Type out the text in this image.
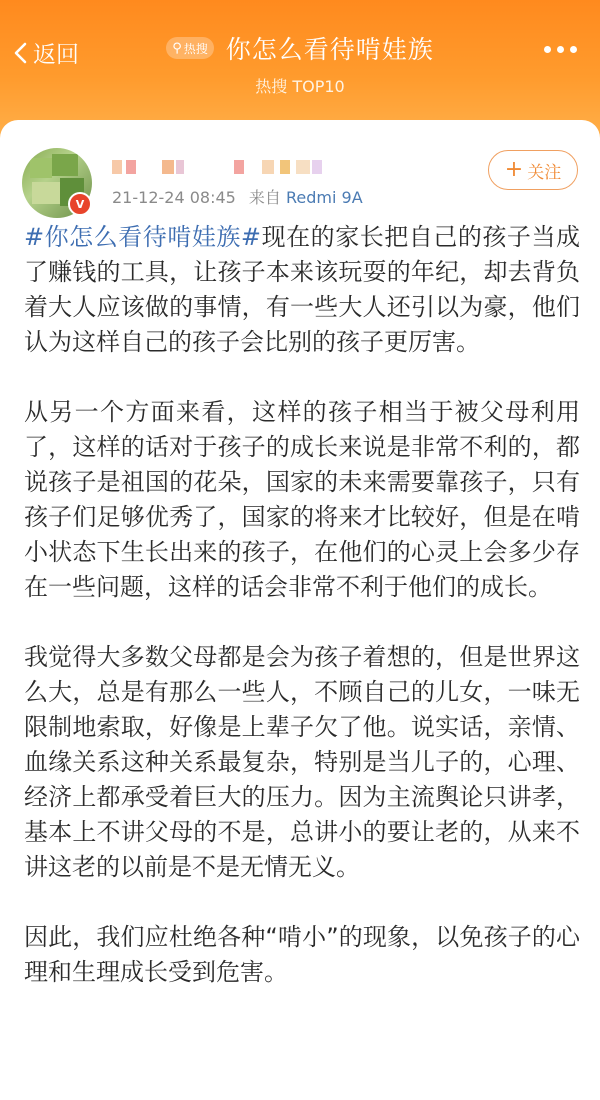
返回	⚲ 热搜 你怎么看待啃娃族
热搜 TOP10
V	21-12-24 08:45 来自 Redmi 9A
+ 关注

#你怎么看待啃娃族#现在的家长把自己的孩子当成了赚钱的工具，让孩子本来该玩耍的年纪，却去背负着大人应该做的事情，有一些大人还引以为豪，他们认为这样自己的孩子会比别的孩子更厉害。

从另一个方面来看，这样的孩子相当于被父母利用了，这样的话对于孩子的成长来说是非常不利的，都说孩子是祖国的花朵，国家的未来需要靠孩子，只有孩子们足够优秀了，国家的将来才比较好，但是在啃小状态下生长出来的孩子，在他们的心灵上会多少存在一些问题，这样的话会非常不利于他们的成长。

我觉得大多数父母都是会为孩子着想的，但是世界这么大，总是有那么一些人，不顾自己的儿女，一味无限制地索取，好像是上辈子欠了他。说实话，亲情、血缘关系这种关系最复杂，特别是当儿子的，心理、经济上都承受着巨大的压力。因为主流舆论只讲孝，基本上不讲父母的不是，总讲小的要让老的，从来不讲这老的以前是不是无情无义。

因此，我们应杜绝各种“啃小”的现象，以免孩子的心理和生理成长受到危害。
